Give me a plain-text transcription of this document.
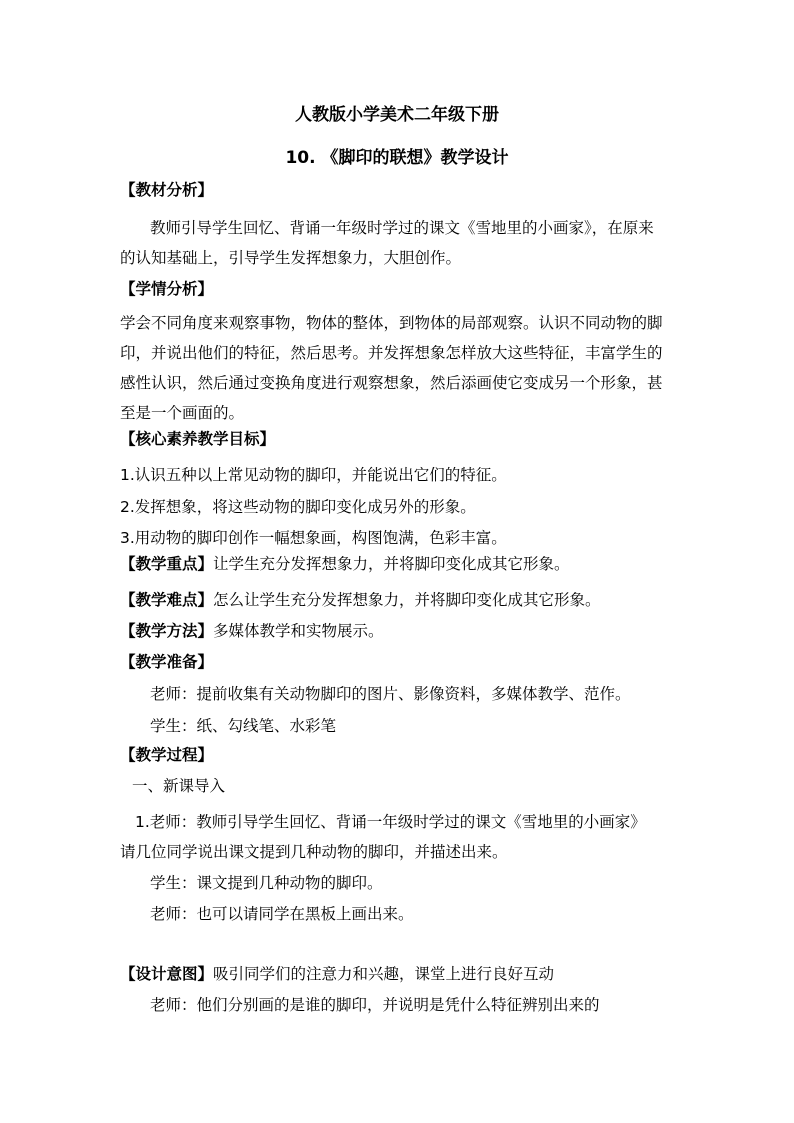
人教版小学美术二年级下册
10. 《脚印的联想》教学设计
【教材分析】
教师引导学生回忆、背诵一年级时学过的课文《雪地里的小画家》，在原来
的认知基础上，引导学生发挥想象力，大胆创作。
【学情分析】
学会不同角度来观察事物，物体的整体，到物体的局部观察。认识不同动物的脚
印，并说出他们的特征，然后思考。并发挥想象怎样放大这些特征，丰富学生的
感性认识，然后通过变换角度进行观察想象，然后添画使它变成另一个形象，甚
至是一个画面的。
【核心素养教学目标】
1.认识五种以上常见动物的脚印，并能说出它们的特征。
2.发挥想象，将这些动物的脚印变化成另外的形象。
3.用动物的脚印创作一幅想象画，构图饱满，色彩丰富。
【教学重点】让学生充分发挥想象力，并将脚印变化成其它形象。
【教学难点】怎么让学生充分发挥想象力，并将脚印变化成其它形象。
【教学方法】多媒体教学和实物展示。
【教学准备】
老师：提前收集有关动物脚印的图片、影像资料，多媒体教学、范作。
学生：纸、勾线笔、水彩笔
【教学过程】
一、新课导入
1.老师：教师引导学生回忆、背诵一年级时学过的课文《雪地里的小画家》
请几位同学说出课文提到几种动物的脚印，并描述出来。
学生：课文提到几种动物的脚印。
老师：也可以请同学在黑板上画出来。
【设计意图】吸引同学们的注意力和兴趣，课堂上进行良好互动
老师：他们分别画的是谁的脚印，并说明是凭什么特征辨别出来的
